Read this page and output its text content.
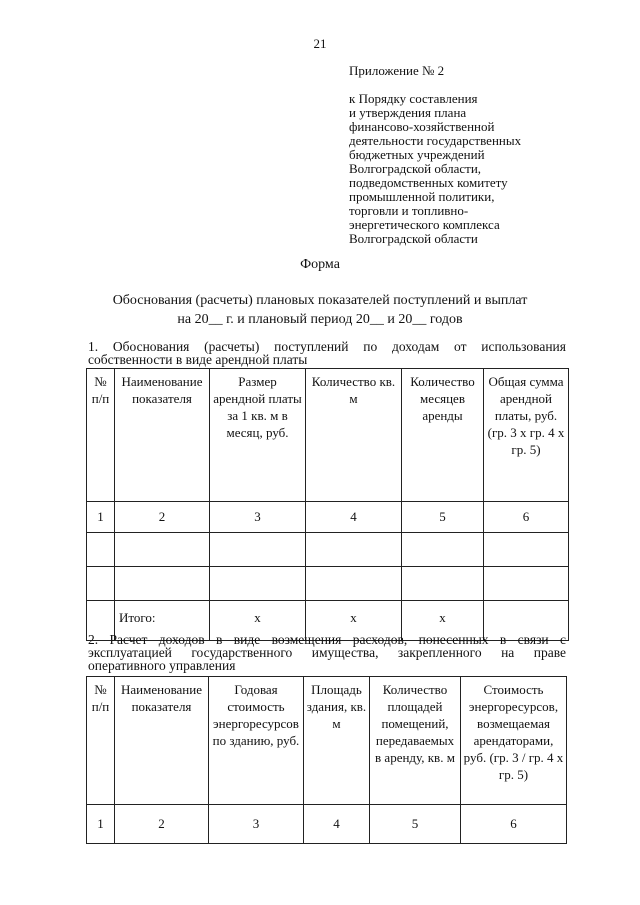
21
Приложение № 2
к Порядку составления
и утверждения плана
финансово-хозяйственной
деятельности государственных
бюджетных учреждений
Волгоградской области,
подведомственных комитету
промышленной политики,
торговли и топливно-
энергетического комплекса
Волгоградской области
Форма
Обоснования (расчеты) плановых показателей поступлений и выплат
на 20__ г. и плановый период 20__ и 20__ годов
1. Обоснования (расчеты) поступлений по доходам от использования собственности в виде арендной платы
№ п/п	Наименование показателя	Размер арендной платы за 1 кв. м в месяц, руб.	Количество кв. м	Количество месяцев аренды	Общая сумма арендной платы, руб. (гр. 3 х гр. 4 х гр. 5)
1	2	3	4	5	6

	Итого:	х	х	х	
2. Расчет доходов в виде возмещения расходов, понесенных в связи с эксплуатацией государственного имущества, закрепленного на праве оперативного управления
№ п/п	Наименование показателя	Годовая стоимость энергоресурсов по зданию, руб.	Площадь здания, кв. м	Количество площадей помещений, передаваемых в аренду, кв. м	Стоимость энергоресурсов, возмещаемая арендаторами, руб. (гр. 3 / гр. 4 х гр. 5)
1	2	3	4	5	6
